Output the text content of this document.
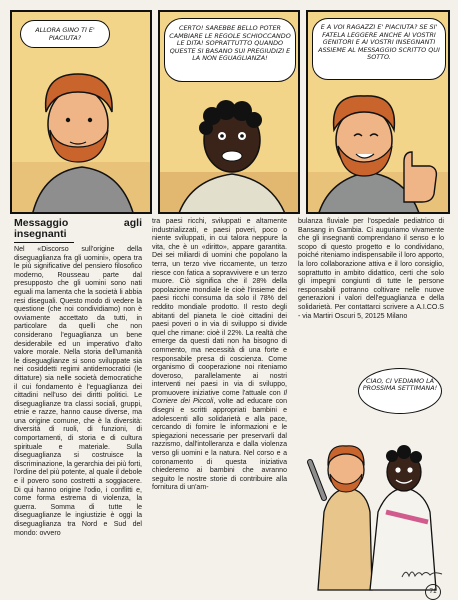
ALLORA GINO TI E' PIACIUTA?
CERTO! SAREBBE BELLO POTER CAMBIARE LE REGOLE SCHIOCCANDO LE DITA! SOPRATTUTTO QUANDO QUESTE SI BASANO SUI PREGIUDIZI E LA NON EGUAGLIANZA!
E A VOI RAGAZZI E' PIACIUTA? SE SI' FATELA LEGGERE ANCHE AI VOSTRI GENITORI E AI VOSTRI INSEGNANTI ASSIEME AL MESSAGGIO SCRITTO QUI SOTTO.
Messaggio agli insegnanti

Nel «Discorso sull'origine della diseguaglianza fra gli uomini», opera tra le più significative del pensiero filosofico moderno, Rousseau parte dal presupposto che gli uomini sono nati eguali ma lamenta che la società li abbia resi diseguali. Questo modo di vedere la questione (che noi condividiamo) non è ovviamente accettato da tutti, in particolare da quelli che non considerano l'eguaglianza un bene desiderabile ed un imperativo d'alto valore morale. Nella storia dell'umanità le diseguaglianze si sono sviluppate sia nei cosiddetti regimi antidemocratici (le dittature) sia nelle società democratiche il cui fondamento è l'eguaglianza dei cittadini nell'uso dei diritti politici. Le diseguaglianze tra classi sociali, gruppi, etnie e razze, hanno cause diverse, ma una origine comune, che è la diversità: diversità di ruoli, di funzioni, di comportamenti, di storia e di cultura spirituale e materiale. Sulla diseguaglianza si costruisce la discriminazione, la gerarchia dei più forti, l'ordine del più potente, al quale il debole e il povero sono costretti a soggiacere. Di qui hanno origine l'odio, i conflitti e, come forma estrema di violenza, la guerra. Somma di tutte le diseguaglianze le ingiustizie è oggi la diseguaglianza tra Nord e Sud del mondo: ovvero

tra paesi ricchi, sviluppati e altamente industrializzati, e paesi poveri, poco o niente sviluppati, in cui talora neppure la vita, che è un «diritto», appare garantita. Dei sei miliardi di uomini che popolano la terra, un terzo vive riccamente, un terzo riesce con fatica a sopravvivere e un terzo muore. Ciò significa che il 28% della popolazione mondiale le cioè l'insieme dei paesi ricchi consuma da solo il 78% del reddito mondiale prodotto. Il resto degli abitanti del pianeta le cioè cittadini dei paesi poveri o in via di sviluppo si divide quel che rimane: cioè il 22%. La realtà che emerge da questi dati non ha bisogno di commento, ma necessità di una forte e responsabile presa di coscienza. Come organismo di cooperazione noi riteniamo doveroso, parallelamente ai nostri interventi nei paesi in via di sviluppo, promuovere iniziative come l'attuale con Il Corriere dei Piccoli, volte ad educare con disegni e scritti appropriati bambini e adolescenti allo solidarietà e alla pace, cercando di fornire le informazioni e le spiegazioni necessarie per preservarli dal razzismo, dall'intolleranza e dalla violenza verso gli uomini e la natura. Nel corso e a coronamento di questa iniziativa chiederemo ai bambini che avranno seguito le nostre storie di contribuire alla fornitura di un'am-

bulanza fluviale per l'ospedale pediatrico di Bansang in Gambia. Ci auguriamo vivamente che gli insegnanti comprendano il senso e lo scopo di questo progetto e lo condividano, poiché riteniamo indispensabile il loro apporto, la loro collaborazione attiva e il loro consiglio, soprattutto in ambito didattico, certi che solo gli impegni congiunti di tutte le persone responsabili potranno coltivare nelle nuove generazioni i valori dell'eguaglianza e della solidarietà. Per contattarci scrivere a A.I.CO.S - via Martiri Oscuri 5, 20125 Milano

CIAO, CI VEDIAMO LA PROSSIMA SETTIMANA!
71
